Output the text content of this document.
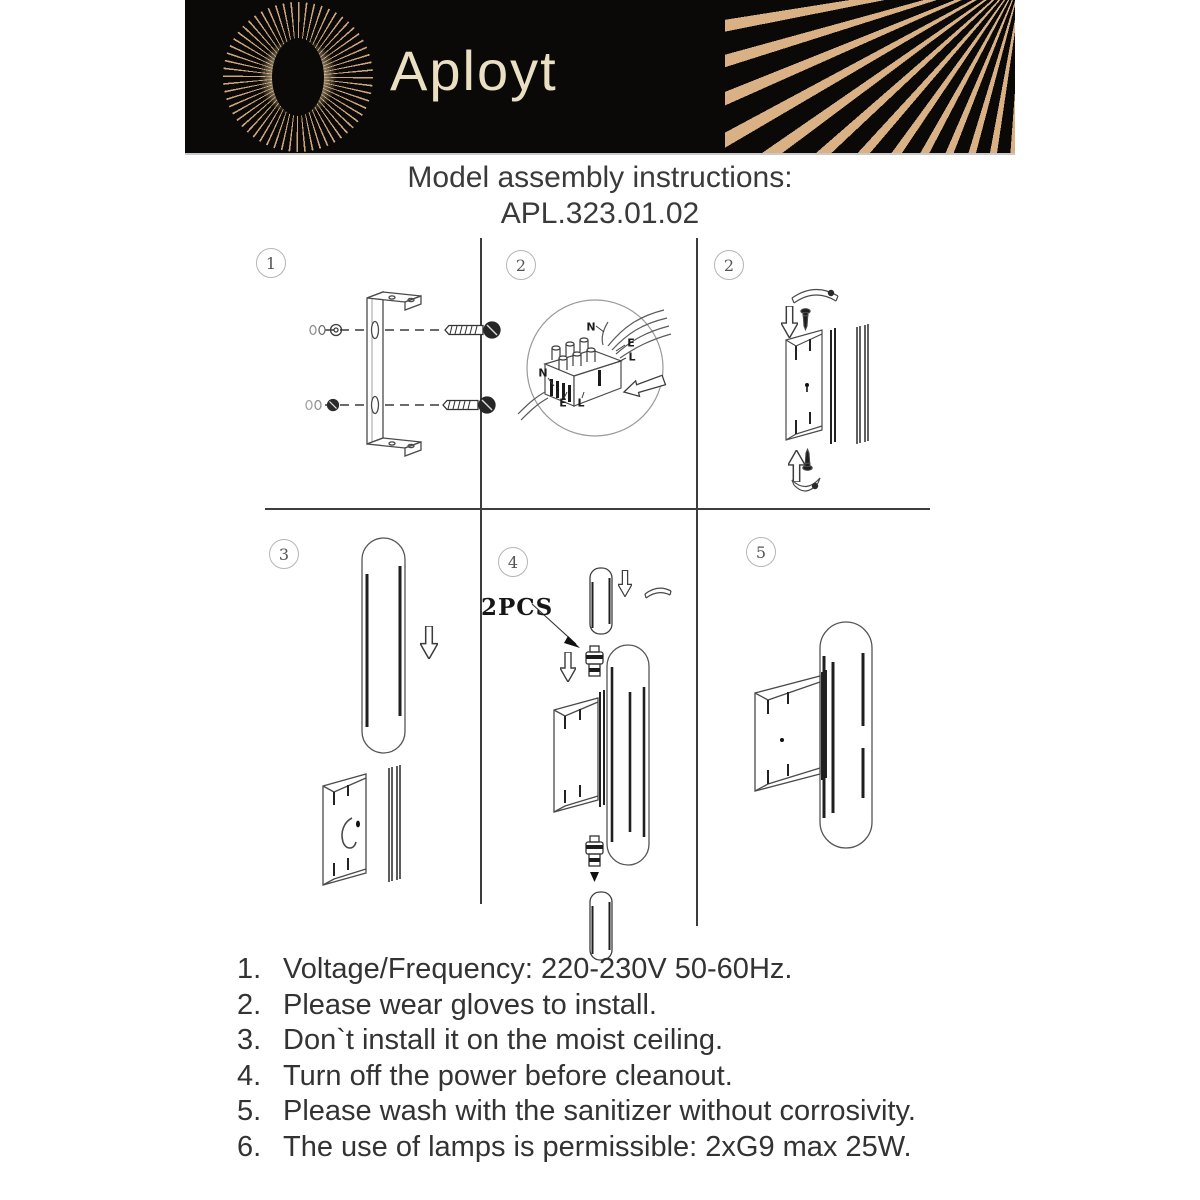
Aployt
Model assembly instructions:
APL.323.01.02
1	2	2
3	4
5
N
E
L
N
E L
2PCS
1. Voltage/Frequency: 220-230V 50-60Hz.
2. Please wear gloves to install.
3. Don`t install it on the moist ceiling.
4. Turn off the power before cleanout.
5. Please wash with the sanitizer without corrosivity.
6. The use of lamps is permissible: 2xG9 max 25W.
